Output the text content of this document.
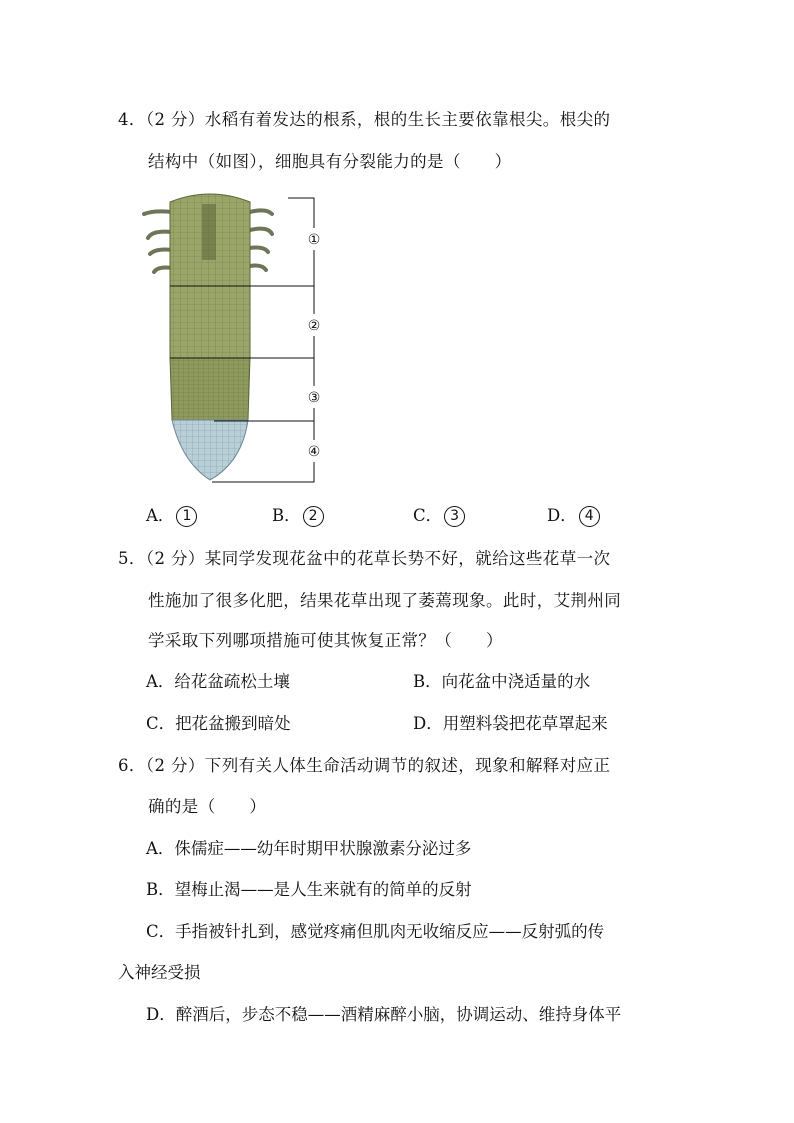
4．（2 分）水稻有着发达的根系，根的生长主要依靠根尖。根尖的
结构中（如图），细胞具有分裂能力的是（　　）
①
②
③
④
A． 1	B． 2	C． 3	D． 4
5．（2 分）某同学发现花盆中的花草长势不好，就给这些花草一次
性施加了很多化肥，结果花草出现了萎蔫现象。此时，艾荆州同
学采取下列哪项措施可使其恢复正常？（　　）
A．给花盆疏松土壤	B．向花盆中浇适量的水
C．把花盆搬到暗处	D．用塑料袋把花草罩起来
6．（2 分）下列有关人体生命活动调节的叙述，现象和解释对应正
确的是（　　）
A．侏儒症——幼年时期甲状腺激素分泌过多
B．望梅止渴——是人生来就有的简单的反射
C．手指被针扎到，感觉疼痛但肌肉无收缩反应——反射弧的传
入神经受损
D．醉酒后，步态不稳——酒精麻醉小脑，协调运动、维持身体平
